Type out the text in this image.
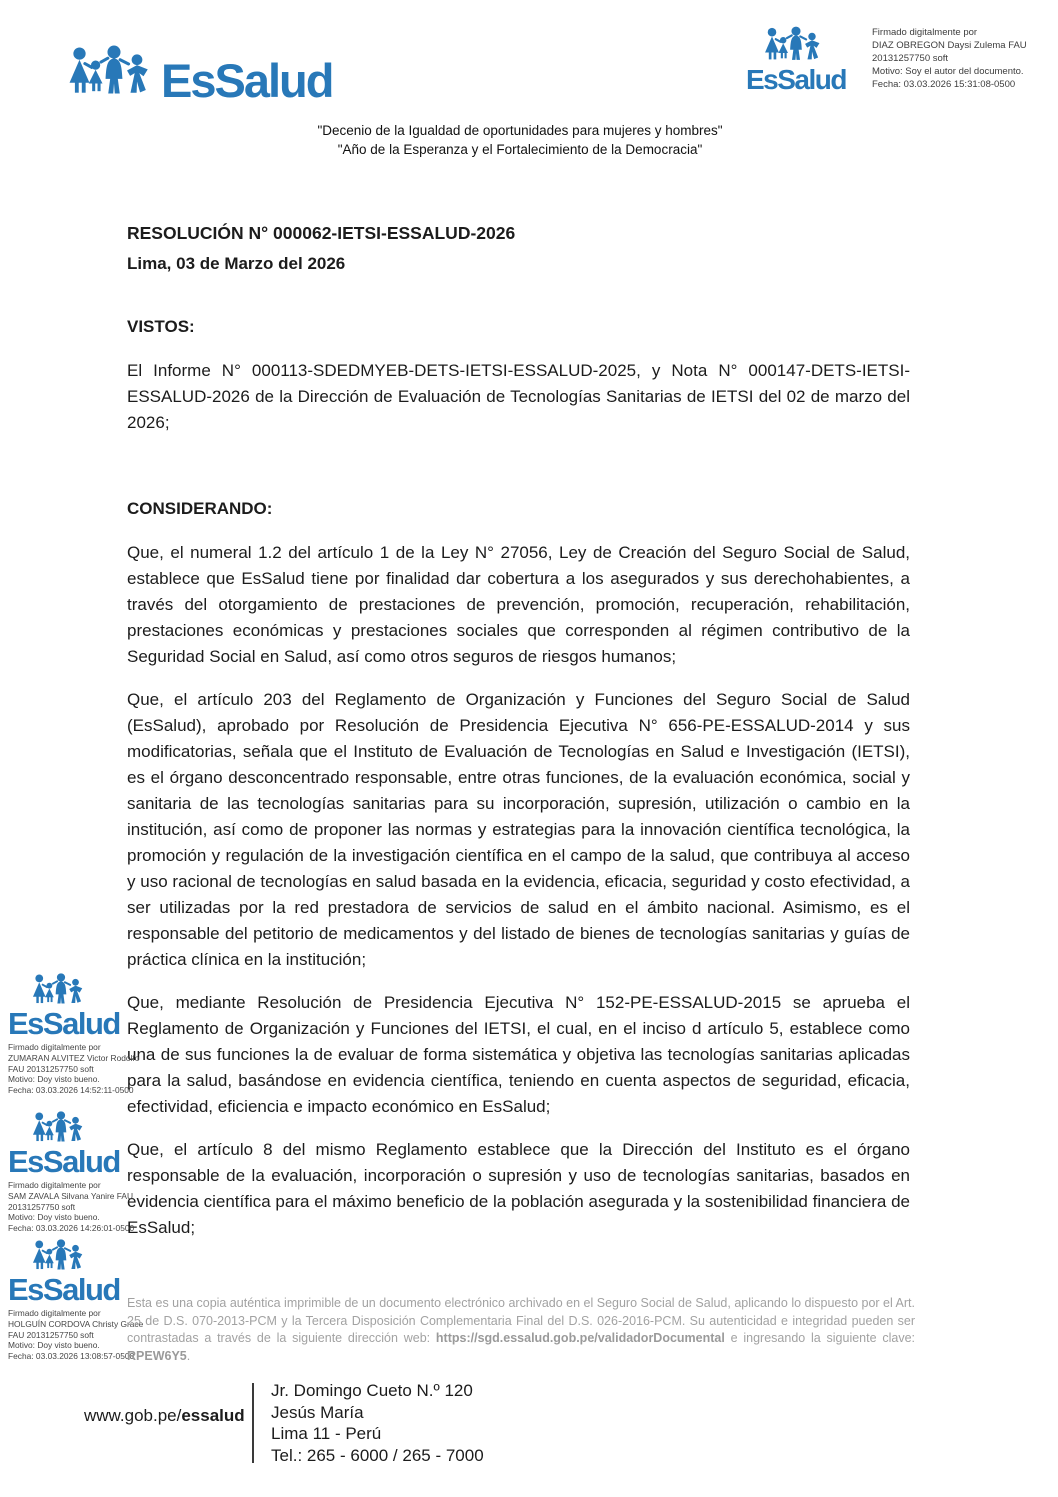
EsSalud	EsSalud
Firmado digitalmente por
DIAZ OBREGON Daysi Zulema FAU
20131257750 soft
Motivo: Soy el autor del documento.
Fecha: 03.03.2026 15:31:08-0500
"Decenio de la Igualdad de oportunidades para mujeres y hombres"
"Año de la Esperanza y el Fortalecimiento de la Democracia"

RESOLUCIÓN N° 000062-IETSI-ESSALUD-2026

Lima, 03 de Marzo del 2026

VISTOS:

El Informe N° 000113-SDEDMYEB-DETS-IETSI-ESSALUD-2025, y Nota N° 000147-DETS-IETSI-ESSALUD-2026 de la Dirección de Evaluación de Tecnologías Sanitarias de IETSI del 02 de marzo del 2026;

CONSIDERANDO:

Que, el numeral 1.2 del artículo 1 de la Ley N° 27056, Ley de Creación del Seguro Social de Salud, establece que EsSalud tiene por finalidad dar cobertura a los asegurados y sus derechohabientes, a través del otorgamiento de prestaciones de prevención, promoción, recuperación, rehabilitación, prestaciones económicas y prestaciones sociales que corresponden al régimen contributivo de la Seguridad Social en Salud, así como otros seguros de riesgos humanos;

Que, el artículo 203 del Reglamento de Organización y Funciones del Seguro Social de Salud (EsSalud), aprobado por Resolución de Presidencia Ejecutiva N° 656-PE-ESSALUD-2014 y sus modificatorias, señala que el Instituto de Evaluación de Tecnologías en Salud e Investigación (IETSI), es el órgano desconcentrado responsable, entre otras funciones, de la evaluación económica, social y sanitaria de las tecnologías sanitarias para su incorporación, supresión, utilización o cambio en la institución, así como de proponer las normas y estrategias para la innovación científica tecnológica, la promoción y regulación de la investigación científica en el campo de la salud, que contribuya al acceso y uso racional de tecnologías en salud basada en la evidencia, eficacia, seguridad y costo efectividad, a ser utilizadas por la red prestadora de servicios de salud en el ámbito nacional. Asimismo, es el responsable del petitorio de medicamentos y del listado de bienes de tecnologías sanitarias y guías de práctica clínica en la institución;

Que, mediante Resolución de Presidencia Ejecutiva N° 152-PE-ESSALUD-2015 se aprueba el Reglamento de Organización y Funciones del IETSI, el cual, en el inciso d artículo 5, establece como una de sus funciones la de evaluar de forma sistemática y objetiva las tecnologías sanitarias aplicadas para la salud, basándose en evidencia científica, teniendo en cuenta aspectos de seguridad, eficacia, efectividad, eficiencia e impacto económico en EsSalud;

Que, el artículo 8 del mismo Reglamento establece que la Dirección del Instituto es el órgano responsable de la evaluación, incorporación o supresión y uso de tecnologías sanitarias, basados en evidencia científica para el máximo beneficio de la población asegurada y la sostenibilidad financiera de EsSalud;

EsSalud
Firmado digitalmente por
ZUMARAN ALVITEZ Victor Rodolfo
FAU 20131257750 soft
Motivo: Doy visto bueno.
Fecha: 03.03.2026 14:52:11-0500
EsSalud
Firmado digitalmente por
SAM ZAVALA Silvana Yanire FAU
20131257750 soft
Motivo: Doy visto bueno.
Fecha: 03.03.2026 14:26:01-0500
EsSalud
Firmado digitalmente por
HOLGUÍN CORDOVA Christy Grace
FAU 20131257750 soft
Motivo: Doy visto bueno.
Fecha: 03.03.2026 13:08:57-0500
Esta es una copia auténtica imprimible de un documento electrónico archivado en el Seguro Social de Salud, aplicando lo dispuesto por el Art. 25 de D.S. 070-2013-PCM y la Tercera Disposición Complementaria Final del D.S. 026-2016-PCM. Su autenticidad e integridad pueden ser contrastadas a través de la siguiente dirección web: https://sgd.essalud.gob.pe/validadorDocumental e ingresando la siguiente clave: RPEW6Y5.
www.gob.pe/essalud
Jr. Domingo Cueto N.º 120
Jesús María
Lima 11 - Perú
Tel.: 265 - 6000 / 265 - 7000
